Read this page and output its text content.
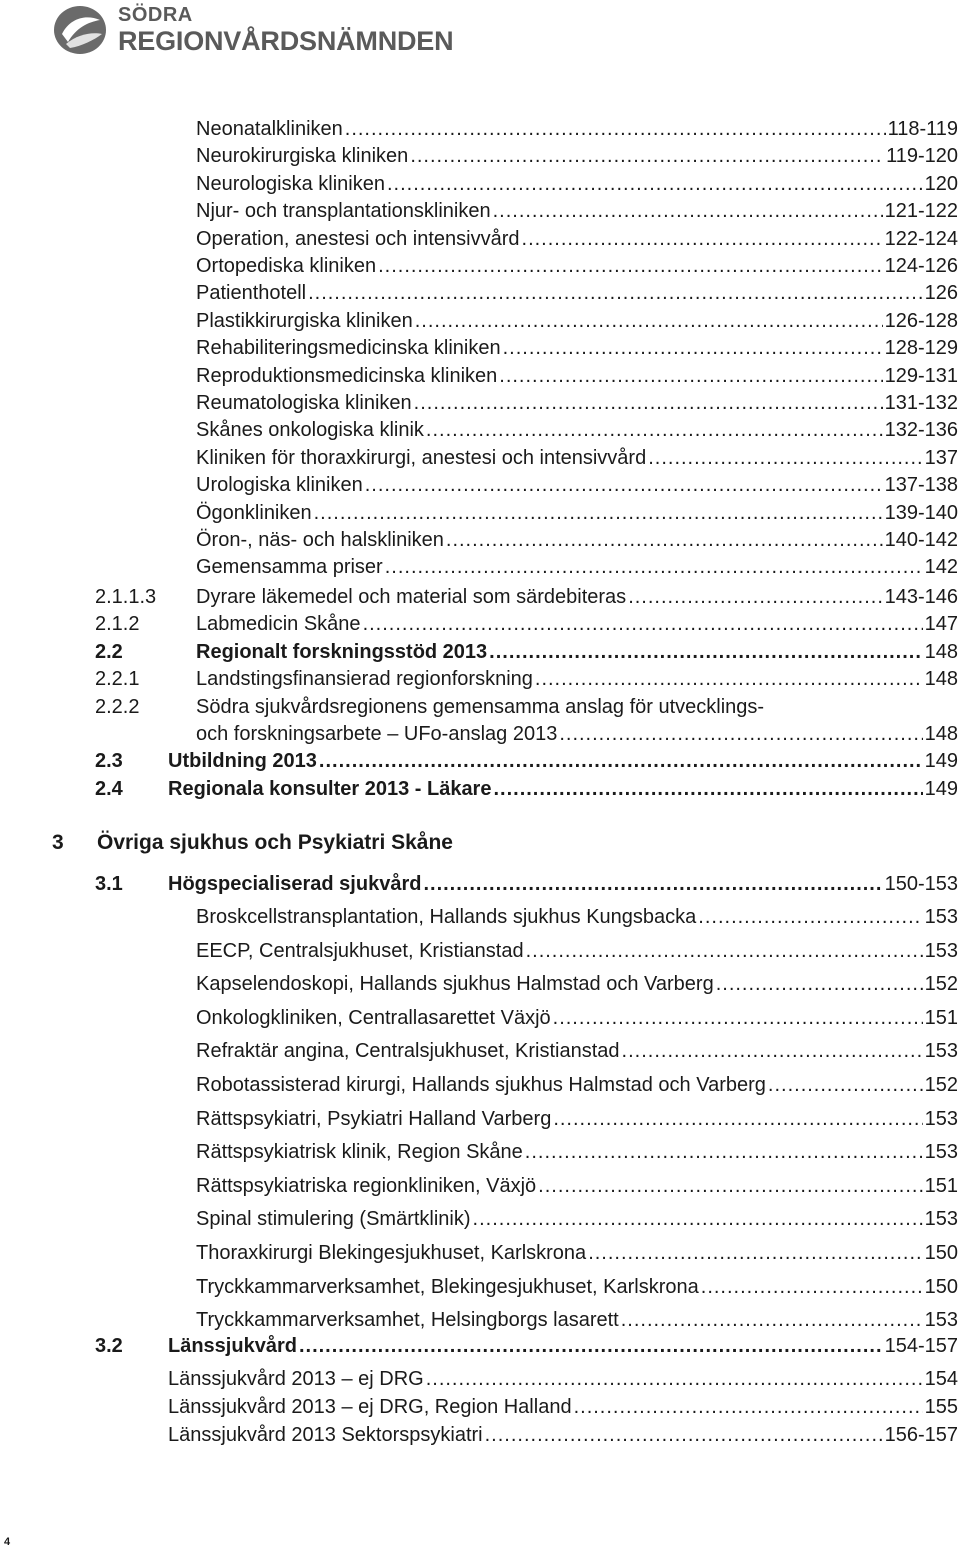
SÖDRA
REGIONVÅRDSNÄMNDEN
Neonatalkliniken .....	118-119
Neurokirurgiska kliniken .....	119-120
Neurologiska kliniken .....	120
Njur- och transplantationskliniken .....	121-122
Operation, anestesi och intensivvård .....	122-124
Ortopediska kliniken .....	124-126
Patienthotell .....	126
Plastikkirurgiska kliniken .....	126-128
Rehabiliteringsmedicinska kliniken .....	128-129
Reproduktionsmedicinska kliniken .....	129-131
Reumatologiska kliniken .....	131-132
Skånes onkologiska klinik .....	132-136
Kliniken för thoraxkirurgi, anestesi och intensivvård .....	137
Urologiska kliniken .....	137-138
Ögonkliniken .....	139-140
Öron-, näs- och halskliniken .....	140-142
Gemensamma priser .....	142
2.1.1.3	Dyrare läkemedel och material som särdebiteras .....	143-146
2.1.2	Labmedicin Skåne .....	147
2.2	Regionalt forskningsstöd 2013 .....	148
2.2.1	Landstingsfinansierad regionforskning .....	148
2.2.2	Södra sjukvårdsregionens gemensamma anslag för utvecklings-
och forskningsarbete – UFo-anslag 2013 .....	148
2.3	Utbildning 2013 .....	149
2.4	Regionala konsulter 2013 - Läkare .....	149
3 Övriga sjukhus och Psykiatri Skåne
3.1	Högspecialiserad sjukvård .....	150-153
Broskcellstransplantation, Hallands sjukhus Kungsbacka .....	153
EECP, Centralsjukhuset, Kristianstad .....	153
Kapselendoskopi, Hallands sjukhus Halmstad och Varberg .....	152
Onkologkliniken, Centrallasarettet Växjö .....	151
Refraktär angina, Centralsjukhuset, Kristianstad .....	153
Robotassisterad kirurgi, Hallands sjukhus Halmstad och Varberg .....	152
Rättspsykiatri, Psykiatri Halland Varberg .....	153
Rättspsykiatrisk klinik, Region Skåne .....	153
Rättspsykiatriska regionkliniken, Växjö .....	151
Spinal stimulering (Smärtklinik) .....	153
Thoraxkirurgi Blekingesjukhuset, Karlskrona .....	150
Tryckkammarverksamhet, Blekingesjukhuset, Karlskrona .....	150
Tryckkammarverksamhet, Helsingborgs lasarett .....	153
3.2	Länssjukvård .....	154-157
Länssjukvård 2013 – ej DRG .....	154
Länssjukvård 2013 – ej DRG, Region Halland .....	155
Länssjukvård 2013 Sektorspsykiatri .....	156-157
4
